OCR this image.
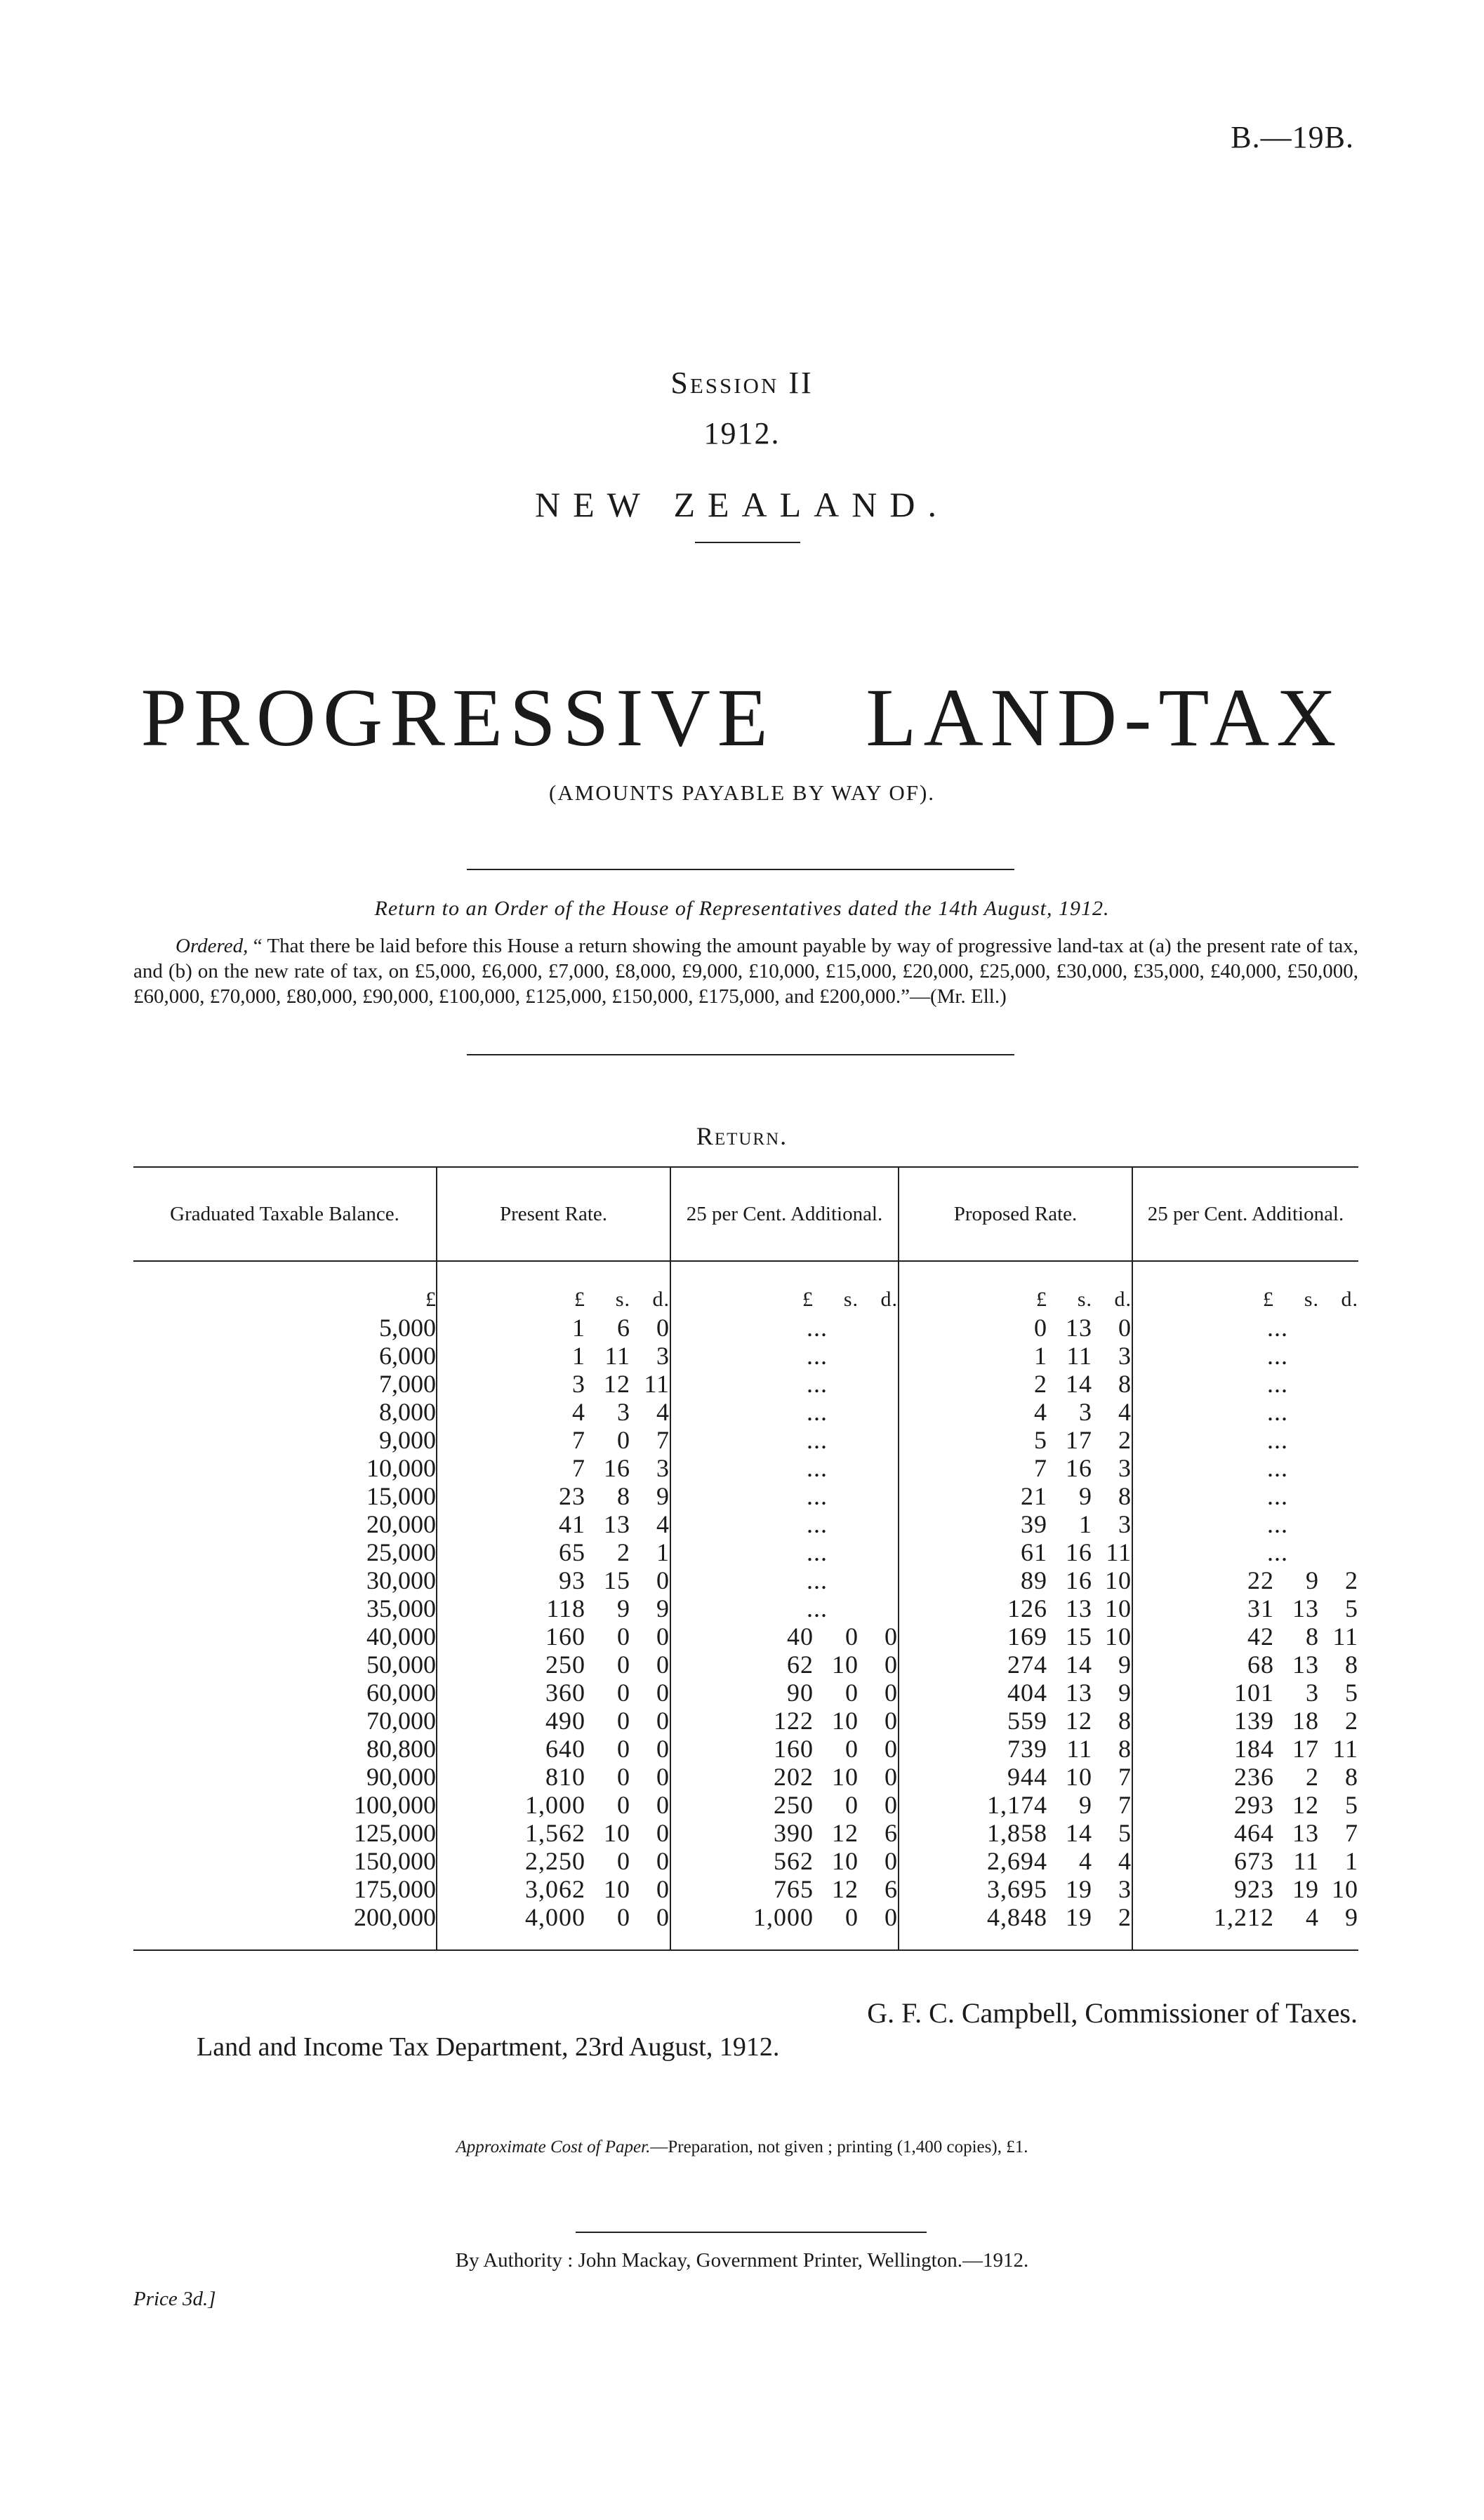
B.—19B.
Session II
1912.
NEW ZEALAND.
PROGRESSIVE LAND-TAX
(AMOUNTS PAYABLE BY WAY OF).
Return to an Order of the House of Representatives dated the 14th August, 1912.
Ordered, “ That there be laid before this House a return showing the amount payable by way of progressive land-tax at (a) the present rate of tax, and (b) on the new rate of tax, on £5,000, £6,000, £7,000, £8,000, £9,000, £10,000, £15,000, £20,000, £25,000, £30,000, £35,000, £40,000, £50,000, £60,000, £70,000, £80,000, £90,000, £100,000, £125,000, £150,000, £175,000, and £200,000.”—(Mr. Ell.)
Return.
Graduated Taxable Balance.	Present Rate.	25 per Cent. Additional.	Proposed Rate.	25 per Cent. Additional.

£	£ s. d.	£ s. d.	£ s. d.	£ s. d.

5,000	1 6 0	...	0 13 0	...

6,000	1 11 3	...	1 11 3	...

7,000	3 12 11	...	2 14 8	...

8,000	4 3 4	...	4 3 4	...

9,000	7 0 7	...	5 17 2	...

10,000	7 16 3	...	7 16 3	...

15,000	23 8 9	...	21 9 8	...

20,000	41 13 4	...	39 1 3	...

25,000	65 2 1	...	61 16 11	...

30,000	93 15 0	...	89 16 10	22 9 2

35,000	118 9 9	...	126 13 10	31 13 5

40,000	160 0 0	40 0 0	169 15 10	42 8 11

50,000	250 0 0	62 10 0	274 14 9	68 13 8

60,000	360 0 0	90 0 0	404 13 9	101 3 5

70,000	490 0 0	122 10 0	559 12 8	139 18 2

80,800	640 0 0	160 0 0	739 11 8	184 17 11

90,000	810 0 0	202 10 0	944 10 7	236 2 8

100,000	1,000 0 0	250 0 0	1,174 9 7	293 12 5

125,000	1,562 10 0	390 12 6	1,858 14 5	464 13 7

150,000	2,250 0 0	562 10 0	2,694 4 4	673 11 1

175,000	3,062 10 0	765 12 6	3,695 19 3	923 19 10

200,000	4,000 0 0	1,000 0 0	4,848 19 2	1,212 4 9

G. F. C. Campbell, Commissioner of Taxes.
Land and Income Tax Department, 23rd August, 1912.
Approximate Cost of Paper.—Preparation, not given ; printing (1,400 copies), £1.
By Authority : John Mackay, Government Printer, Wellington.—1912.
Price 3d.]
